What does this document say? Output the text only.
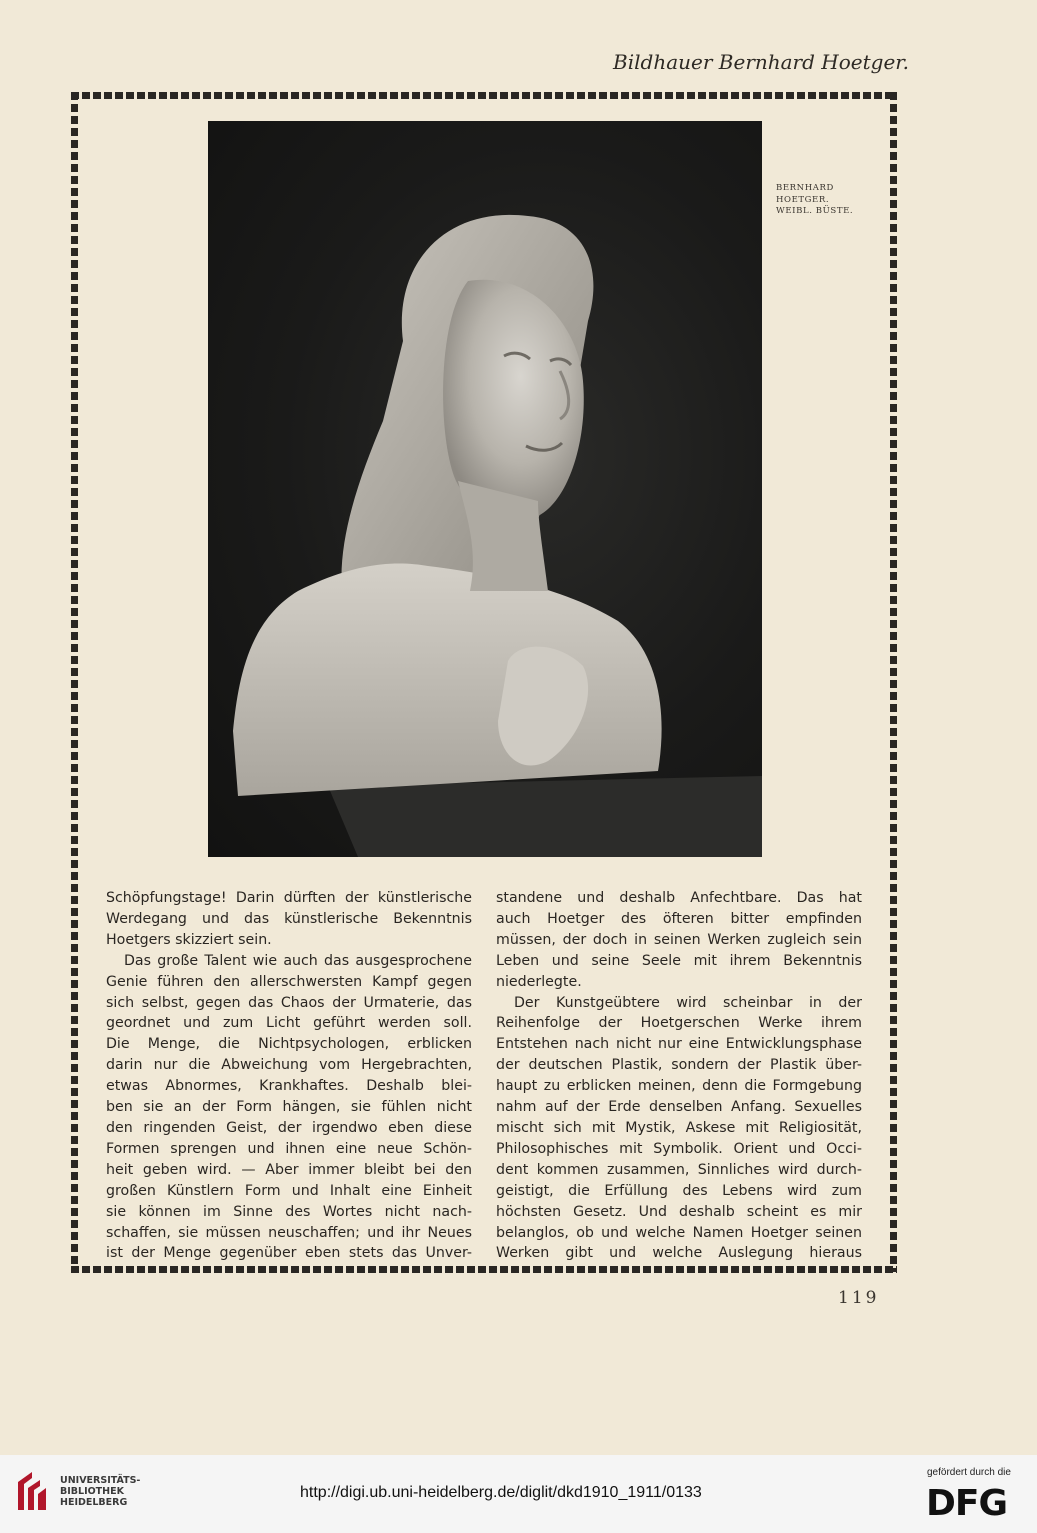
Bildhauer Bernhard Hoetger.
BERNHARD
HOETGER.
WEIBL. BÜSTE.
Schöpfungstage! Darin dürften der künstlerische
Werdegang und das künstlerische Bekenntnis
Hoetgers skizziert sein.
Das große Talent wie auch das ausgesprochene
Genie führen den allerschwersten Kampf gegen
sich selbst, gegen das Chaos der Urmaterie, das
geordnet und zum Licht geführt werden soll.
Die Menge, die Nichtpsychologen, erblicken
darin nur die Abweichung vom Hergebrachten,
etwas Abnormes, Krankhaftes. Deshalb blei-
ben sie an der Form hängen, sie fühlen nicht
den ringenden Geist, der irgendwo eben diese
Formen sprengen und ihnen eine neue Schön-
heit geben wird. — Aber immer bleibt bei den
großen Künstlern Form und Inhalt eine Einheit
sie können im Sinne des Wortes nicht nach-
schaffen, sie müssen neuschaffen; und ihr Neues
ist der Menge gegenüber eben stets das Unver-
standene und deshalb Anfechtbare. Das hat
auch Hoetger des öfteren bitter empfinden
müssen, der doch in seinen Werken zugleich sein
Leben und seine Seele mit ihrem Bekenntnis
niederlegte.
Der Kunstgeübtere wird scheinbar in der
Reihenfolge der Hoetgerschen Werke ihrem
Entstehen nach nicht nur eine Entwicklungsphase
der deutschen Plastik, sondern der Plastik über-
haupt zu erblicken meinen, denn die Formgebung
nahm auf der Erde denselben Anfang. Sexuelles
mischt sich mit Mystik, Askese mit Religiosität,
Philosophisches mit Symbolik. Orient und Occi-
dent kommen zusammen, Sinnliches wird durch-
geistigt, die Erfüllung des Lebens wird zum
höchsten Gesetz. Und deshalb scheint es mir
belanglos, ob und welche Namen Hoetger seinen
Werken gibt und welche Auslegung hieraus
119
UNIVERSITÄTS-
BIBLIOTHEK
HEIDELBERG
http://digi.ub.uni-heidelberg.de/diglit/dkd1910_1911/0133
gefördert durch die
DFG
